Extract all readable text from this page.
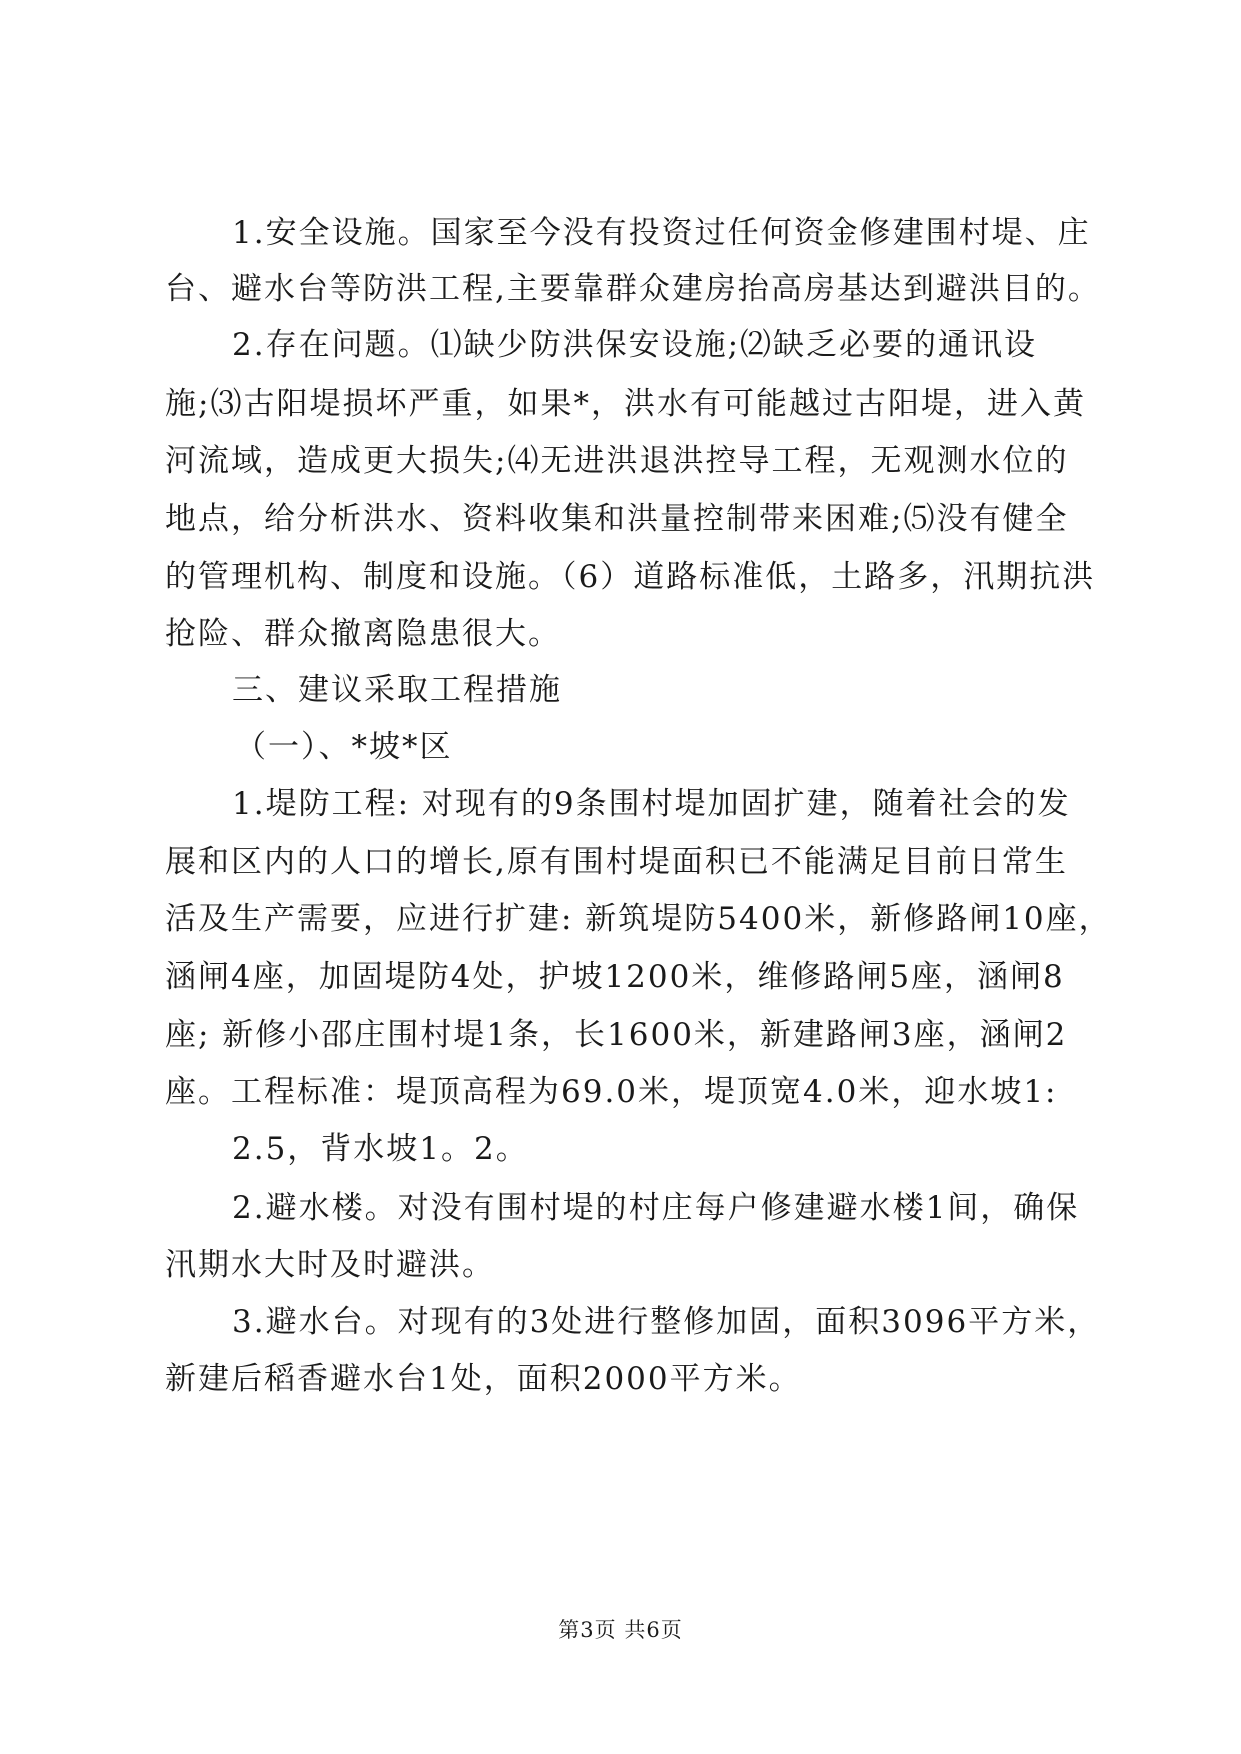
1.安全设施。国家至今没有投资过任何资金修建围村堤、庄
台、避水台等防洪工程,主要靠群众建房抬高房基达到避洪目的。
2.存在问题。⑴缺少防洪保安设施;⑵缺乏必要的通讯设
施;⑶古阳堤损坏严重，如果*，洪水有可能越过古阳堤，进入黄
河流域，造成更大损失;⑷无进洪退洪控导工程，无观测水位的
地点，给分析洪水、资料收集和洪量控制带来困难;⑸没有健全
的管理机构、制度和设施。（6）道路标准低，土路多，汛期抗洪
抢险、群众撤离隐患很大。
三、建议采取工程措施
（一）、*坡*区
1.堤防工程: 对现有的9条围村堤加固扩建，随着社会的发
展和区内的人口的增长,原有围村堤面积已不能满足目前日常生
活及生产需要，应进行扩建: 新筑堤防5400米，新修路闸10座，
涵闸4座，加固堤防4处，护坡1200米，维修路闸5座，涵闸8
座; 新修小邵庄围村堤1条，长1600米，新建路闸3座，涵闸2
座。工程标准：堤顶高程为69.0米，堤顶宽4.0米，迎水坡1:
2.5，背水坡1。2。
2.避水楼。对没有围村堤的村庄每户修建避水楼1间，确保
汛期水大时及时避洪。
3.避水台。对现有的3处进行整修加固，面积3096平方米，
新建后稻香避水台1处，面积2000平方米。
第3页 共6页
